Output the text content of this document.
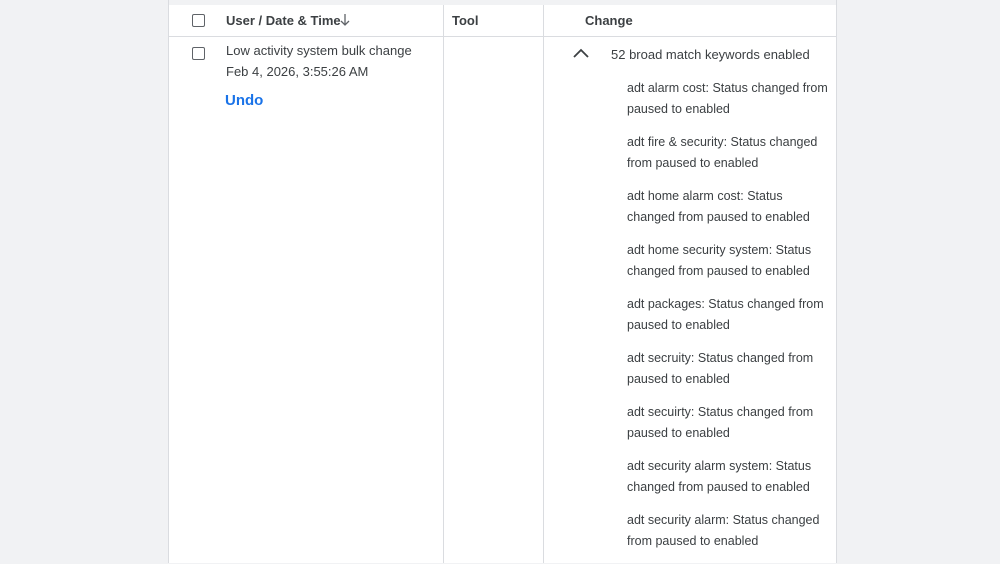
User / Date & Time	Tool	Change
Low activity system bulk change
Feb 4, 2026, 3:55:26 AM
Undo
52 broad match keywords enabled
adt alarm cost: Status changed from paused to enabled
adt fire & security: Status changed from paused to enabled
adt home alarm cost: Status changed from paused to enabled
adt home security system: Status changed from paused to enabled
adt packages: Status changed from paused to enabled
adt secruity: Status changed from paused to enabled
adt secuirty: Status changed from paused to enabled
adt security alarm system: Status changed from paused to enabled
adt security alarm: Status changed from paused to enabled
